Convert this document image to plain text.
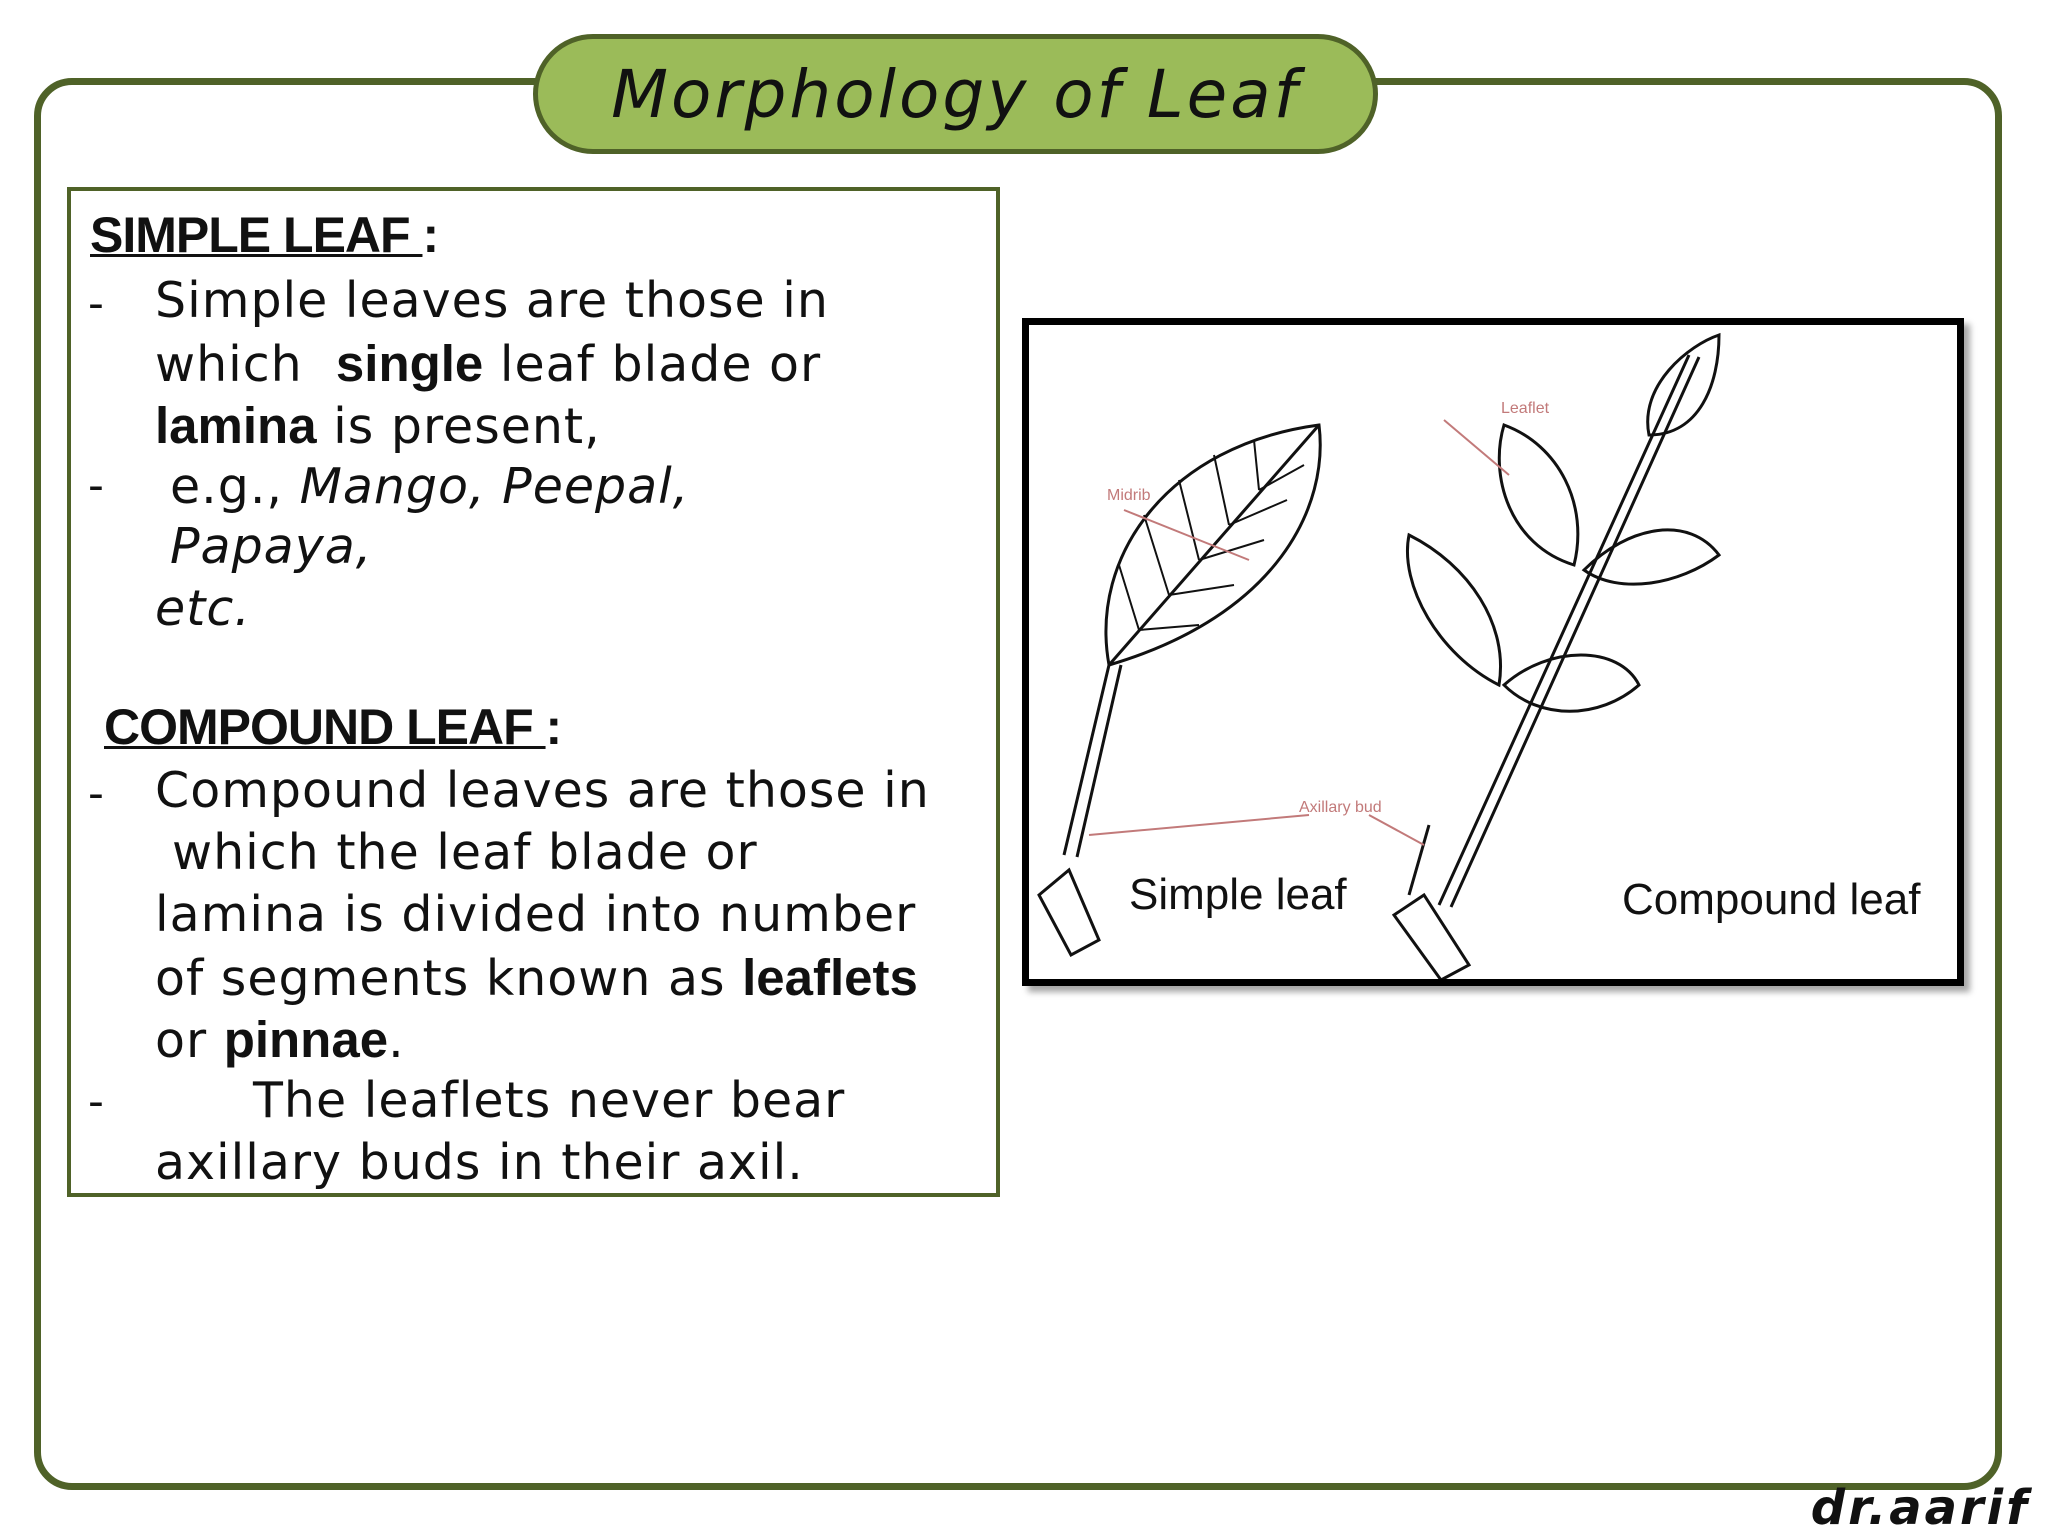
Morphology of Leaf
SIMPLE LEAF :
- Simple leaves are those in
which  single leaf blade or
lamina is present,
- e.g., Mango, Peepal,
Papaya,
etc.
COMPOUND LEAF :
- Compound leaves are those in
which the leaf blade or
lamina is divided into number
of segments known as leaflets
or pinnae.
-	The leaflets never bear
axillary buds in their axil.
Midrib
Leaflet
Axillary bud
Simple leaf	Compound leaf
dr.aarif
